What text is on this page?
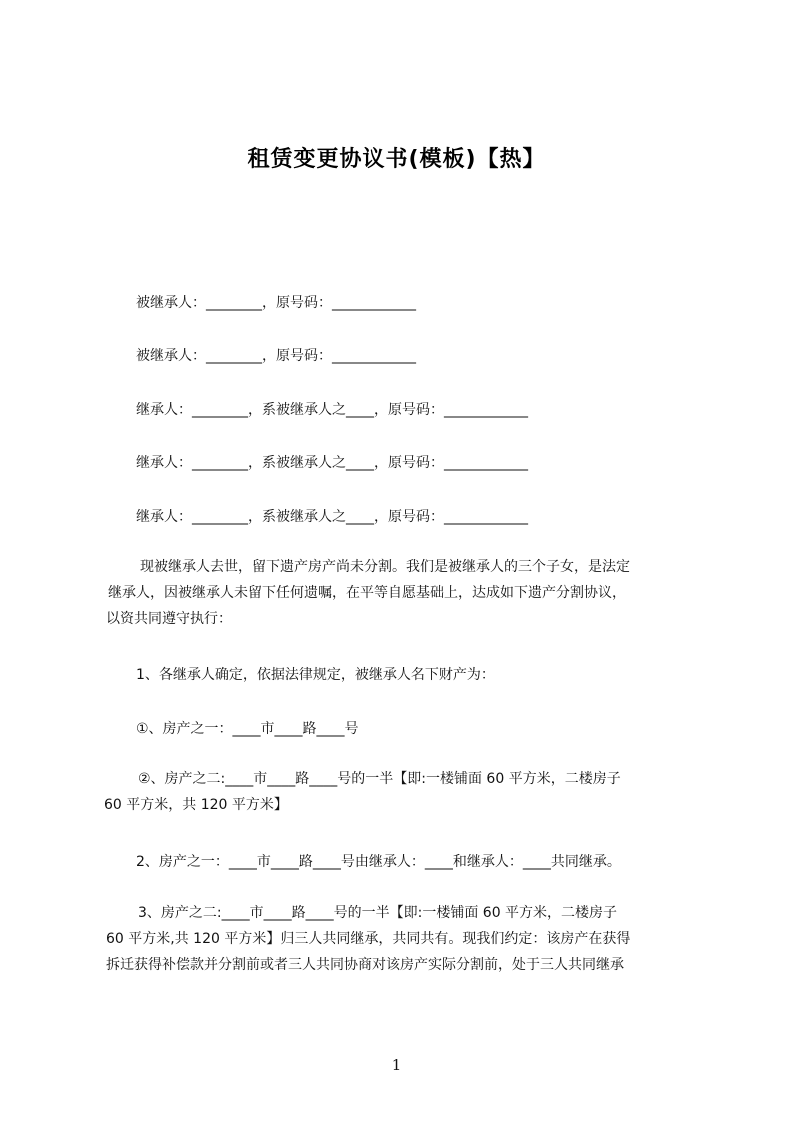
租赁变更协议书(模板)【热】
被继承人：________，原号码：____________
被继承人：________，原号码：____________
继承人：________，系被继承人之____，原号码：____________
继承人：________，系被继承人之____，原号码：____________
继承人：________，系被继承人之____，原号码：____________
现被继承人去世，留下遗产房产尚未分割。我们是被继承人的三个子女，是法定
继承人，因被继承人未留下任何遗嘱，在平等自愿基础上，达成如下遗产分割协议，
以资共同遵守执行：
1、各继承人确定，依据法律规定，被继承人名下财产为：
①、房产之一：____市____路____号
②、房产之二:____市____路____号的一半【即:一楼铺面 60 平方米，二楼房子
60 平方米，共 120 平方米】
2、房产之一：____市____路____号由继承人：____和继承人：____共同继承。
3、房产之二:____市____路____号的一半【即:一楼铺面 60 平方米，二楼房子
60 平方米,共 120 平方米】归三人共同继承，共同共有。现我们约定：该房产在获得
拆迁获得补偿款并分割前或者三人共同协商对该房产实际分割前，处于三人共同继承
1
